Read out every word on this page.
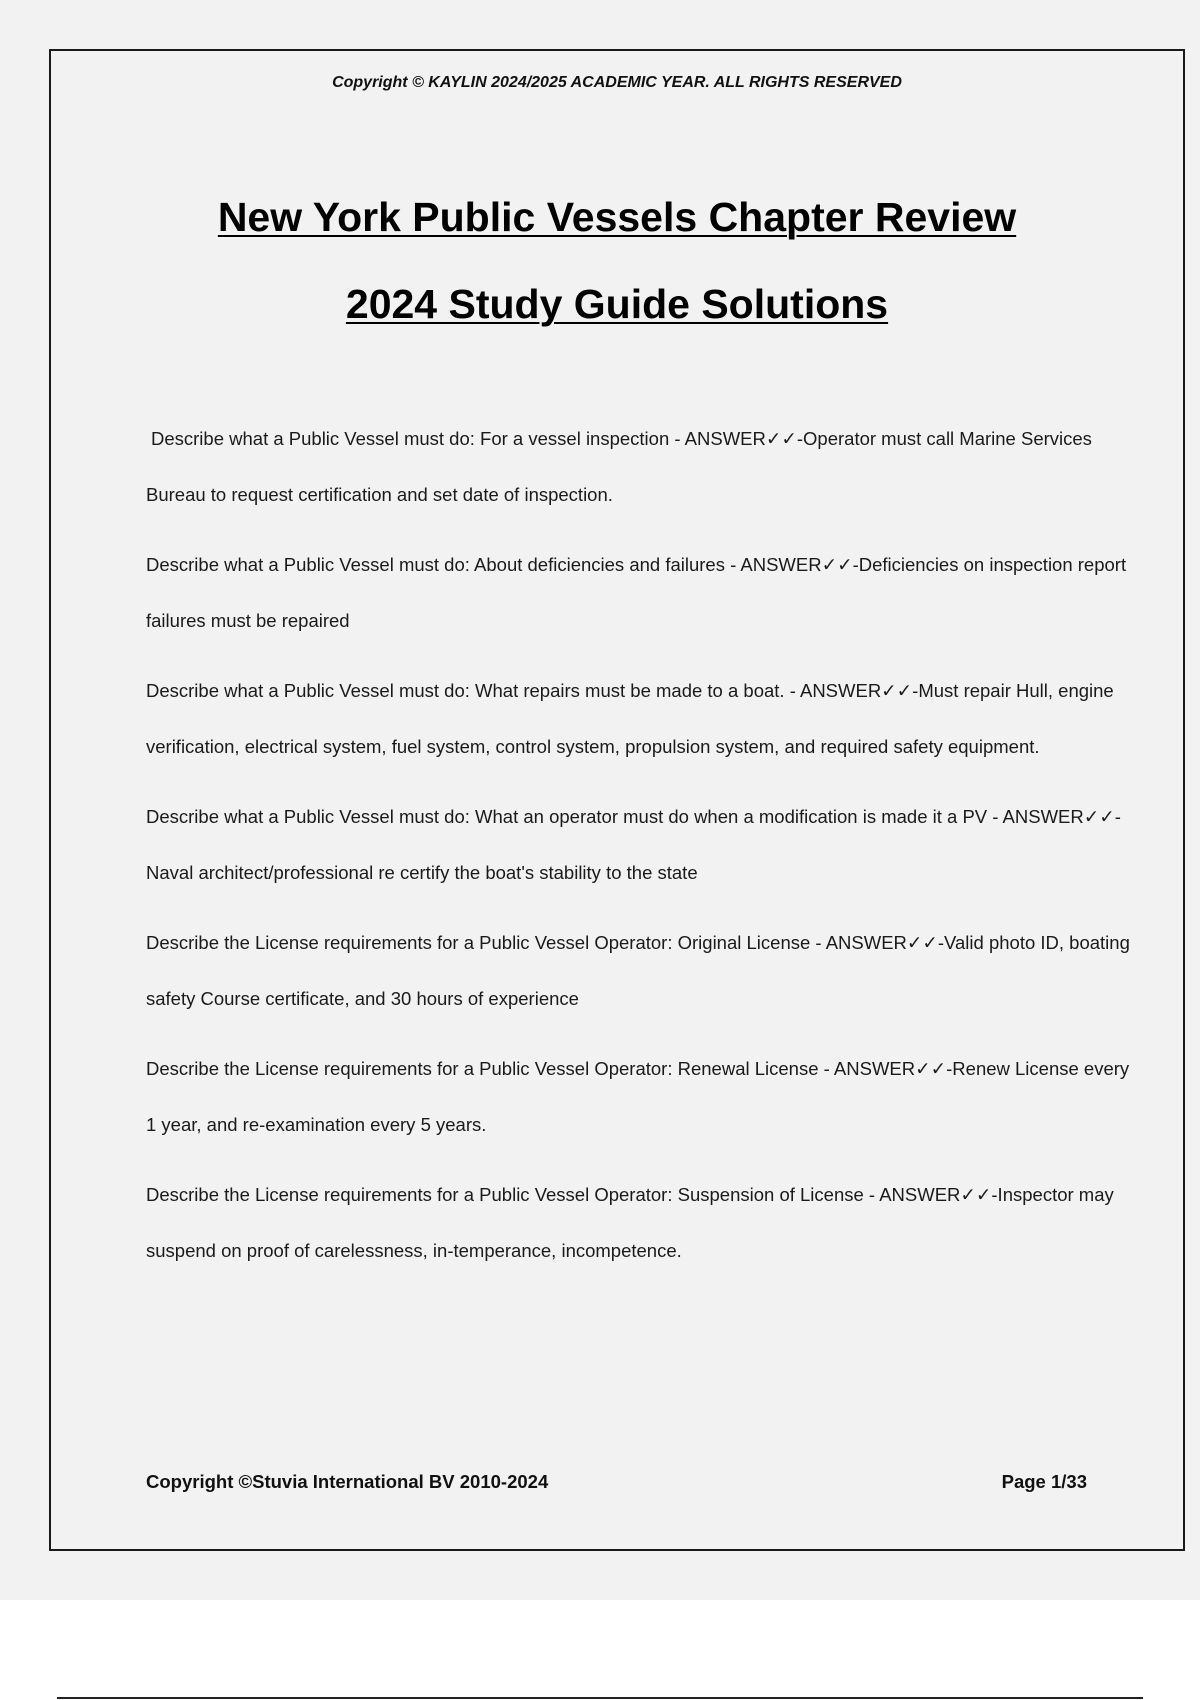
Copyright © KAYLIN 2024/2025 ACADEMIC YEAR. ALL RIGHTS RESERVED
New York Public Vessels Chapter Review
2024 Study Guide Solutions

Describe what a Public Vessel must do: For a vessel inspection - ANSWER✓✓-Operator must call Marine Services Bureau to request certification and set date of inspection.

Describe what a Public Vessel must do: About deficiencies and failures - ANSWER✓✓-Deficiencies on inspection report failures must be repaired

Describe what a Public Vessel must do: What repairs must be made to a boat. - ANSWER✓✓-Must repair Hull, engine verification, electrical system, fuel system, control system, propulsion system, and required safety equipment.

Describe what a Public Vessel must do: What an operator must do when a modification is made it a PV - ANSWER✓✓-Naval architect/professional re certify the boat's stability to the state

Describe the License requirements for a Public Vessel Operator: Original License - ANSWER✓✓-Valid photo ID, boating safety Course certificate, and 30 hours of experience

Describe the License requirements for a Public Vessel Operator: Renewal License - ANSWER✓✓-Renew License every 1 year, and re-examination every 5 years.

Describe the License requirements for a Public Vessel Operator: Suspension of License - ANSWER✓✓-Inspector may suspend on proof of carelessness, in-temperance, incompetence.

Copyright ©Stuvia International BV 2010-2024	Page 1/33
